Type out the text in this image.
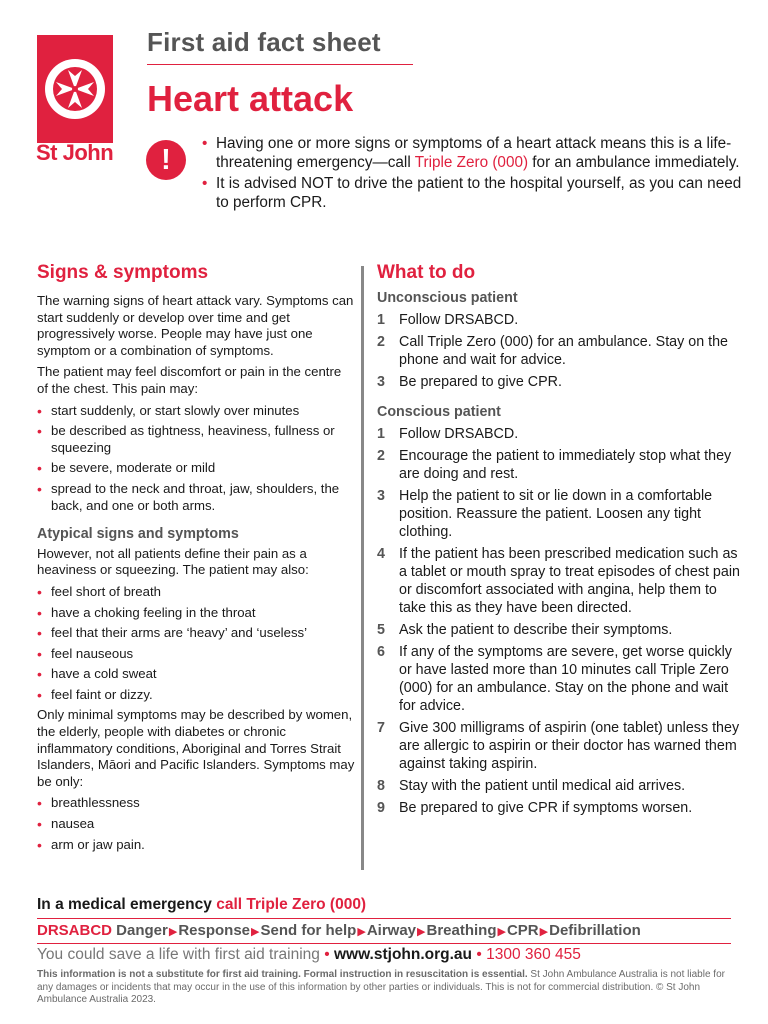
St John
First aid fact sheet
Heart attack
!
• Having one or more signs or symptoms of a heart attack means this is a life-threatening emergency—call Triple Zero (000) for an ambulance immediately.
• It is advised NOT to drive the patient to the hospital yourself, as you can need to perform CPR.
Signs & symptoms

The warning signs of heart attack vary. Symptoms can start suddenly or develop over time and get progressively worse. People may have just one symptom or a combination of symptoms.

The patient may feel discomfort or pain in the centre of the chest. This pain may:

• start suddenly, or start slowly over minutes
• be described as tightness, heaviness, fullness or squeezing
• be severe, moderate or mild
• spread to the neck and throat, jaw, shoulders, the back, and one or both arms.
Atypical signs and symptoms

However, not all patients define their pain as a heaviness or squeezing. The patient may also:

• feel short of breath
• have a choking feeling in the throat
• feel that their arms are ‘heavy’ and ‘useless’
• feel nauseous
• have a cold sweat
• feel faint or dizzy.

Only minimal symptoms may be described by women, the elderly, people with diabetes or chronic inflammatory conditions, Aboriginal and Torres Strait Islanders, Māori and Pacific Islanders. Symptoms may be only:

• breathlessness
• nausea
• arm or jaw pain.
What to do
Unconscious patient
1 Follow DRSABCD.
2 Call Triple Zero (000) for an ambulance. Stay on the phone and wait for advice.
3 Be prepared to give CPR.
Conscious patient
1 Follow DRSABCD.
2 Encourage the patient to immediately stop what they are doing and rest.
3 Help the patient to sit or lie down in a comfortable position. Reassure the patient. Loosen any tight clothing.
4 If the patient has been prescribed medication such as a tablet or mouth spray to treat episodes of chest pain or discomfort associated with angina, help them to take this as they have been directed.
5 Ask the patient to describe their symptoms.
6 If any of the symptoms are severe, get worse quickly or have lasted more than 10 minutes call Triple Zero (000) for an ambulance. Stay on the phone and wait for advice.
7 Give 300 milligrams of aspirin (one tablet) unless they are allergic to aspirin or their doctor has warned them against taking aspirin.
8 Stay with the patient until medical aid arrives.
9 Be prepared to give CPR if symptoms worsen.
In a medical emergency call Triple Zero (000)
DRSABCD Danger▶Response▶Send for help▶Airway▶Breathing▶CPR▶Defibrillation
You could save a life with first aid training • www.stjohn.org.au • 1300 360 455
This information is not a substitute for first aid training. Formal instruction in resuscitation is essential. St John Ambulance Australia is not liable for any damages or incidents that may occur in the use of this information by other parties or individuals. This is not for commercial distribution. © St John Ambulance Australia 2023.
